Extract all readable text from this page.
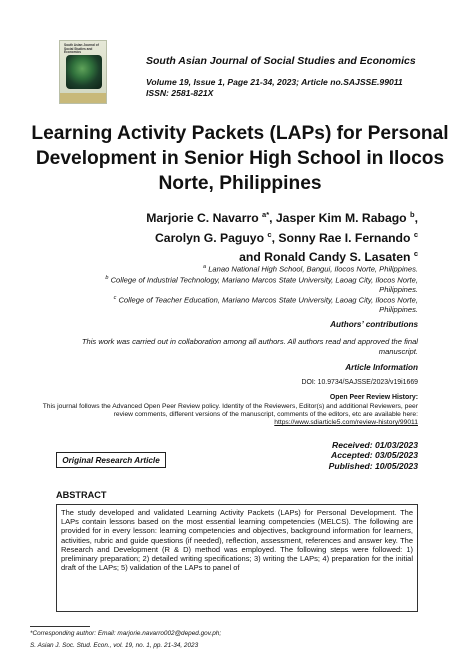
South Asian Journal of Social Studies and Economics
South Asian Journal of Social Studies and Economics
Volume 19, Issue 1, Page 21-34, 2023; Article no.SAJSSE.99011
ISSN: 2581-821X
Learning Activity Packets (LAPs) for Personal Development in Senior High School in Ilocos Norte, Philippines
Marjorie C. Navarro $^{a*}$, Jasper Kim M. Rabago $^b$,
Carolyn G. Paguyo $^c$, Sonny Rae I. Fernando $^c$
and Ronald Candy S. Lasaten $^c$

$^a$ Lanao National High School, Bangui, Ilocos Norte, Philippines.

$^b$ College of Industrial Technology, Mariano Marcos State University, Laoag City, Ilocos Norte, Philippines.

$^c$ College of Teacher Education, Mariano Marcos State University, Laoag City, Ilocos Norte, Philippines.

Authors’ contributions
This work was carried out in collaboration among all authors. All authors read and approved the final manuscript.
Article Information
DOI: 10.9734/SAJSSE/2023/v19i1669
Open Peer Review History:
This journal follows the Advanced Open Peer Review policy. Identity of the Reviewers, Editor(s) and additional Reviewers, peer review comments, different versions of the manuscript, comments of the editors, etc are available here:
https://www.sdiarticle5.com/review-history/99011
Received: 01/03/2023
Accepted: 03/05/2023
Published: 10/05/2023
Original Research Article
ABSTRACT

The study developed and validated Learning Activity Packets (LAPs) for Personal Development. The LAPs contain lessons based on the most essential learning competencies (MELCS). The following are provided for in every lesson: learning competencies and objectives, background information for learners, activities, rubric and guide questions (if needed), reflection, assessment, references and answer key. The Research and Development (R & D) method was employed. The following steps were followed: 1) preliminary preparation; 2) detailed writing specifications; 3) writing the LAPs; 4) preparation for the initial draft of the LAPs; 5) validation of the LAPs to panel of

*Corresponding author: Email: marjorie.navarro002@deped.gov.ph;
S. Asian J. Soc. Stud. Econ., vol. 19, no. 1, pp. 21-34, 2023
